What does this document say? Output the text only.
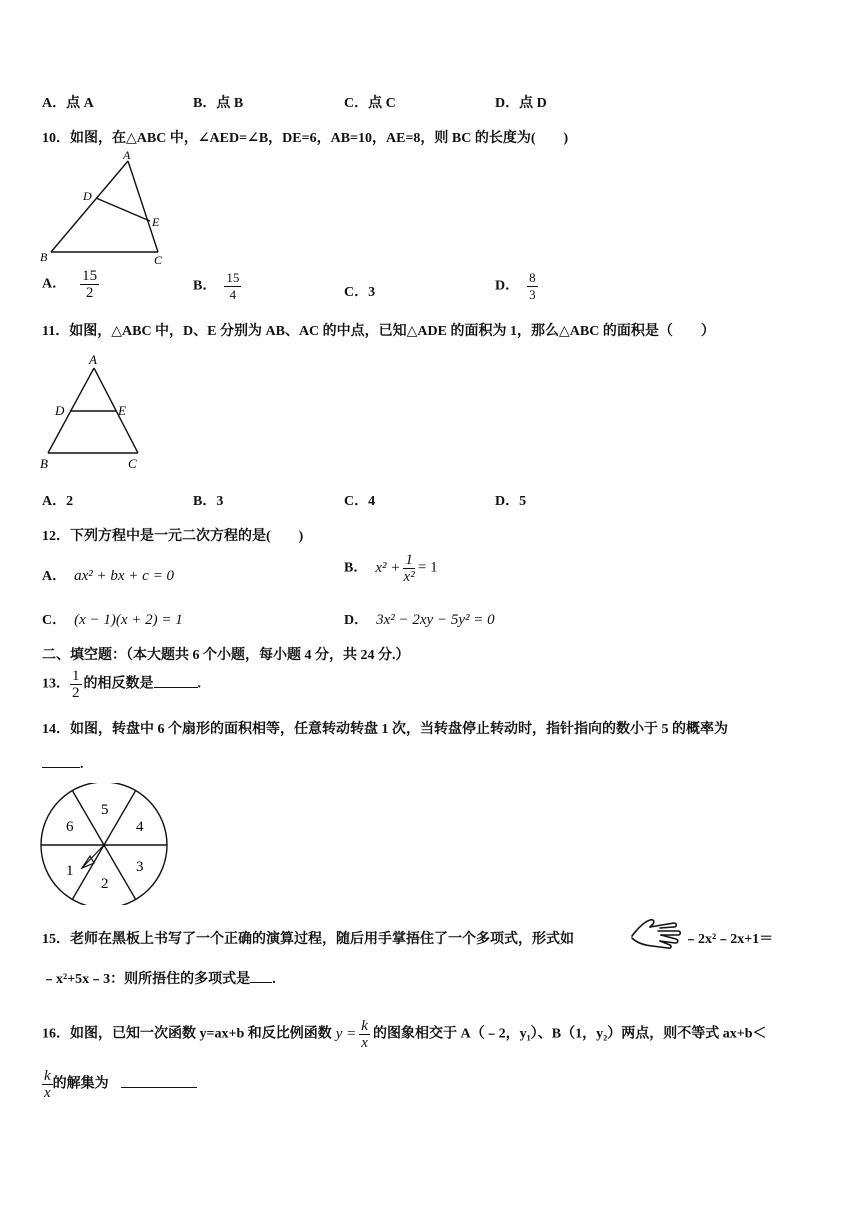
A．点 A	B．点 B	C．点 C	D．点 D
10．如图，在△ABC 中，∠AED=∠B，DE=6，AB=10，AE=8，则 BC 的长度为(　　)
A
D
E
B	C
A． $\frac{15}{2}$	B． $\frac{15}{4}$	C．3	D． $\frac{8}{3}$
11．如图，△ABC 中，D、E 分别为 AB、AC 的中点，已知△ADE 的面积为 1，那么△ABC 的面积是（　　）
A
D	E
B	C
A．2	B．3	C．4	D．5
12．下列方程中是一元二次方程的是(　　)
A． ax² + bx + c = 0	B． $x^2 + \frac{1}{\text{x²}} = 1$
C． (x − 1)(x + 2) = 1	D． 3x² − 2xy − 5y² = 0
二、填空题：（本大题共 6 个小题，每小题 4 分，共 24 分.）
13． $\frac{1}{2}$ 的相反数是	.
14．如图，转盘中 6 个扇形的面积相等，任意转动转盘 1 次，当转盘停止转动时，指针指向的数小于 5 的概率为
.
5
4
3
2
1
6
15．老师在黑板上书写了一个正确的演算过程，随后用手掌捂住了一个多项式，形式如	﹣2x²﹣2x+1＝
﹣x²+5x﹣3：则所捂住的多项式是 .
16．如图，已知一次函数 y=ax+b 和反比例函数 $y = \frac{k}{x}$ 的图象相交于 A（﹣2，y₁）、B（1，y₂）两点，则不等式 ax+b＜
$\frac{k}{x}$ 的解集为
